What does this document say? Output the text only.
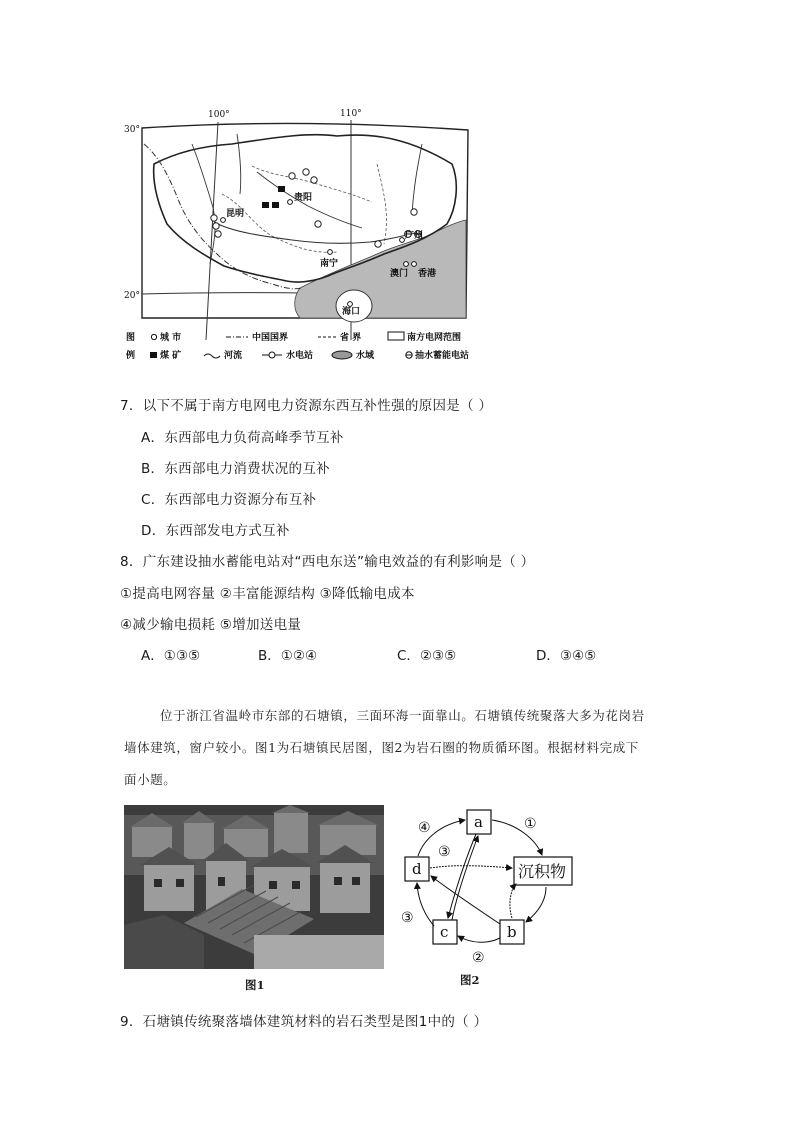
100°	110°
30°
20°
昆明
贵阳
南宁
广州
澳门 香港
海口
图
例
城 市	中国国界	省 界	南方电网范围
煤 矿	河流	水电站	水域	抽水蓄能电站
7．以下不属于南方电网电力资源东西互补性强的原因是（ ）
A．东西部电力负荷高峰季节互补
B．东西部电力消费状况的互补
C．东西部电力资源分布互补
D．东西部发电方式互补
8．广东建设抽水蓄能电站对“西电东送”输电效益的有利影响是（ ）
①提高电网容量 ②丰富能源结构 ③降低输电成本
④减少输电损耗 ⑤增加送电量
A．①③⑤	B．①②④	C．②③⑤	D．③④⑤

位于浙江省温岭市东部的石塘镇，三面环海一面靠山。石塘镇传统聚落大多为花岗岩

墙体建筑，窗户较小。图1为石塘镇民居图，图2为岩石圈的物质循环图。根据材料完成下

面小题。

图1
a
d	沉积物
c	b
①
②
③
④
③
图2
9．石塘镇传统聚落墙体建筑材料的岩石类型是图1中的（ ）
